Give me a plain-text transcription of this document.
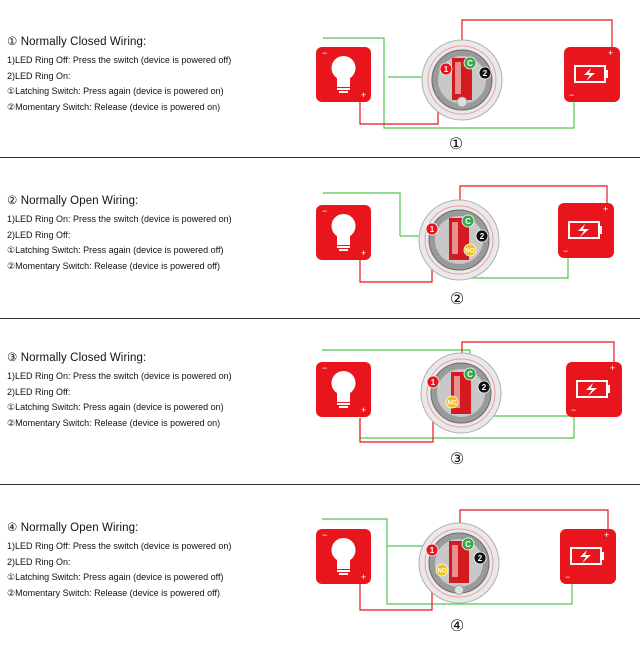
① Normally Closed Wiring:
1)LED Ring Off: Press the switch (device is powered off)
2)LED Ring On:
①Latching Switch: Press again (device is powered on)
②Momentary Switch: Release (device is powered on)
−
+
1
C
2
+
−
①
② Normally Open Wiring:
1)LED Ring On: Press the switch (device is powered on)
2)LED Ring Off:
①Latching Switch: Press again (device is powered off)
②Momentary Switch: Release (device is powered off)
−
+
1
C
2
NO
+
−
②
③ Normally Closed Wiring:
1)LED Ring On: Press the switch (device is powered on)
2)LED Ring Off:
①Latching Switch: Press again (device is powered on)
②Momentary Switch: Release (device is powered on)
−
+
1
C
2
NC
+
−
③
④ Normally Open Wiring:
1)LED Ring Off: Press the switch (device is powered on)
2)LED Ring On:
①Latching Switch: Press again (device is powered off)
②Momentary Switch: Release (device is powered off)
−
+
1
C
2
NO
+
−
④
